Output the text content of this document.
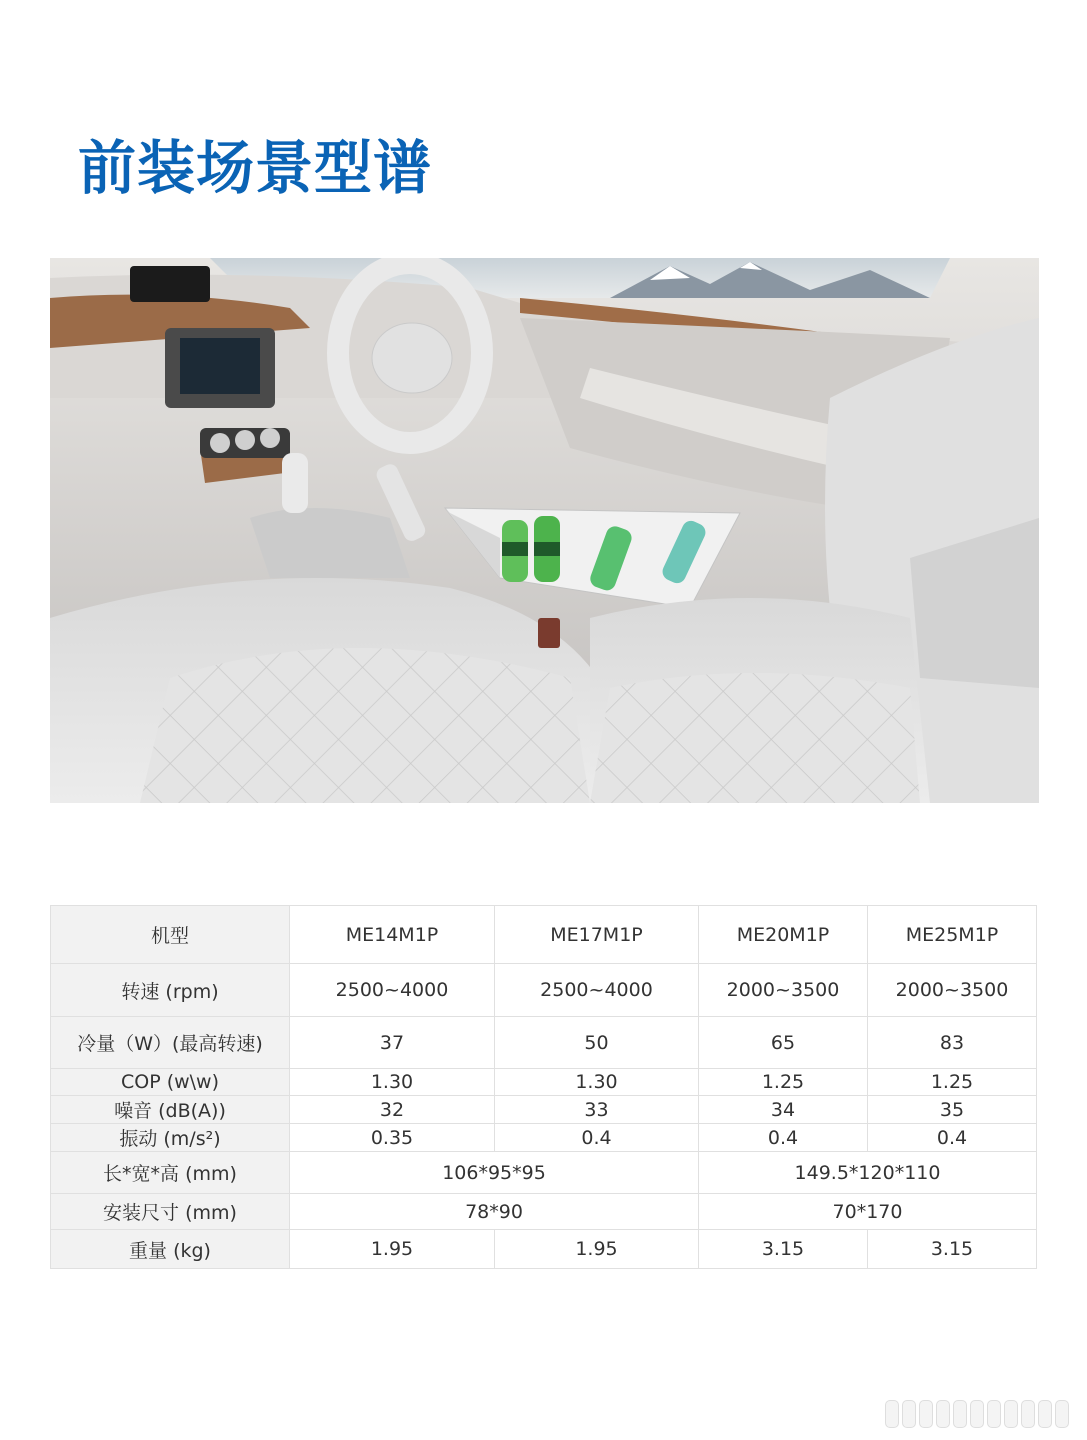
前装场景型谱
机型	ME14M1P	ME17M1P	ME20M1P	ME25M1P
转速 (rpm)	2500~4000	2500~4000	2000~3500	2000~3500
冷量（W）(最高转速)	37	50	65	83
COP (w\w)	1.30	1.30	1.25	1.25
噪音 (dB(A))	32	33	34	35
振动 (m/s²)	0.35	0.4	0.4	0.4
长*宽*高 (mm)	106*95*95		149.5*120*110	
安装尺寸 (mm)	78*90		70*170	
重量 (kg)	1.95	1.95	3.15	3.15
